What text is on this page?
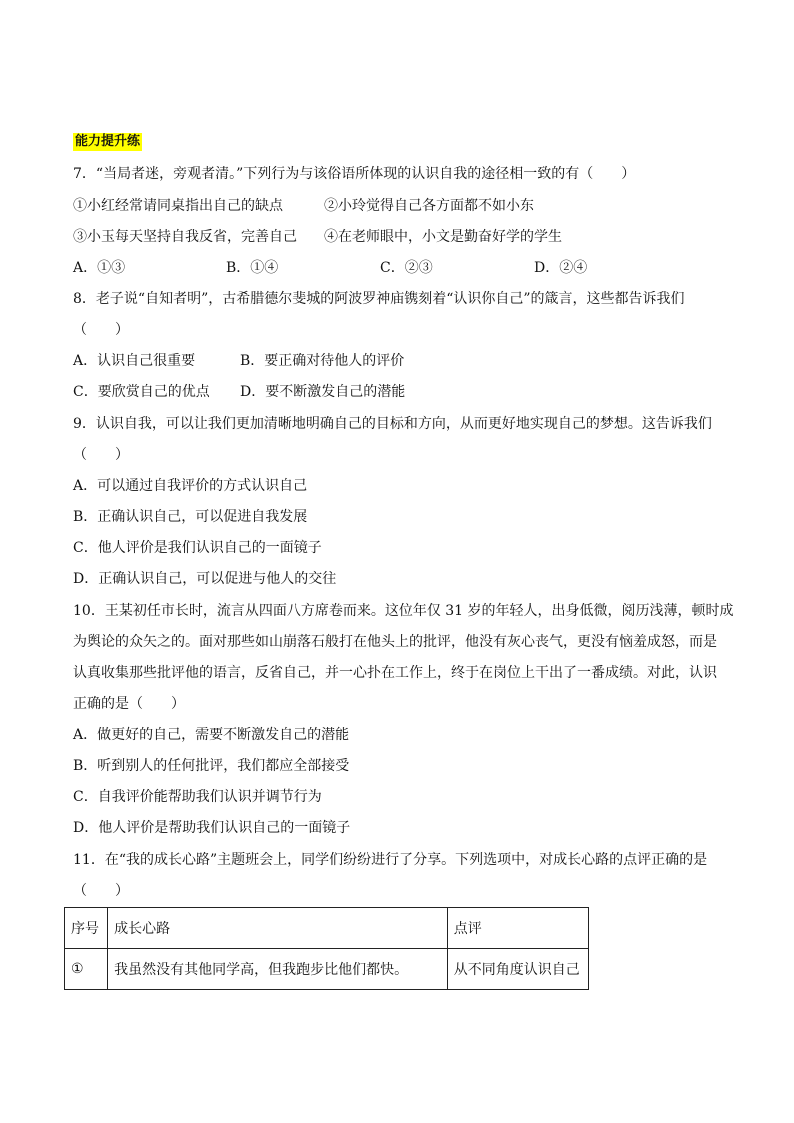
能力提升练
7．“当局者迷，旁观者清。”下列行为与该俗语所体现的认识自我的途径相一致的有（　　）
①小红经常请同桌指出自己的缺点	②小玲觉得自己各方面都不如小东
③小玉每天坚持自我反省，完善自己 ④在老师眼中，小文是勤奋好学的学生
A．①③	B．①④	C．②③	D．②④
8．老子说“自知者明”，古希腊德尔斐城的阿波罗神庙镌刻着“认识你自己”的箴言，这些都告诉我们
（　　）
A．认识自己很重要	B．要正确对待他人的评价
C．要欣赏自己的优点 D．要不断激发自己的潜能
9．认识自我，可以让我们更加清晰地明确自己的目标和方向，从而更好地实现自己的梦想。这告诉我们
（　　）
A．可以通过自我评价的方式认识自己
B．正确认识自己，可以促进自我发展
C．他人评价是我们认识自己的一面镜子
D．正确认识自己，可以促进与他人的交往
10．王某初任市长时，流言从四面八方席卷而来。这位年仅 31 岁的年轻人，出身低微，阅历浅薄，顿时成
为舆论的众矢之的。面对那些如山崩落石般打在他头上的批评，他没有灰心丧气，更没有恼羞成怒，而是
认真收集那些批评他的语言，反省自己，并一心扑在工作上，终于在岗位上干出了一番成绩。对此，认识
正确的是（　　）
A．做更好的自己，需要不断激发自己的潜能
B．听到别人的任何批评，我们都应全部接受
C．自我评价能帮助我们认识并调节行为
D．他人评价是帮助我们认识自己的一面镜子
11．在“我的成长心路”主题班会上，同学们纷纷进行了分享。下列选项中，对成长心路的点评正确的是
（　　）
序号	成长心路	点评
①	我虽然没有其他同学高，但我跑步比他们都快。	从不同角度认识自己
